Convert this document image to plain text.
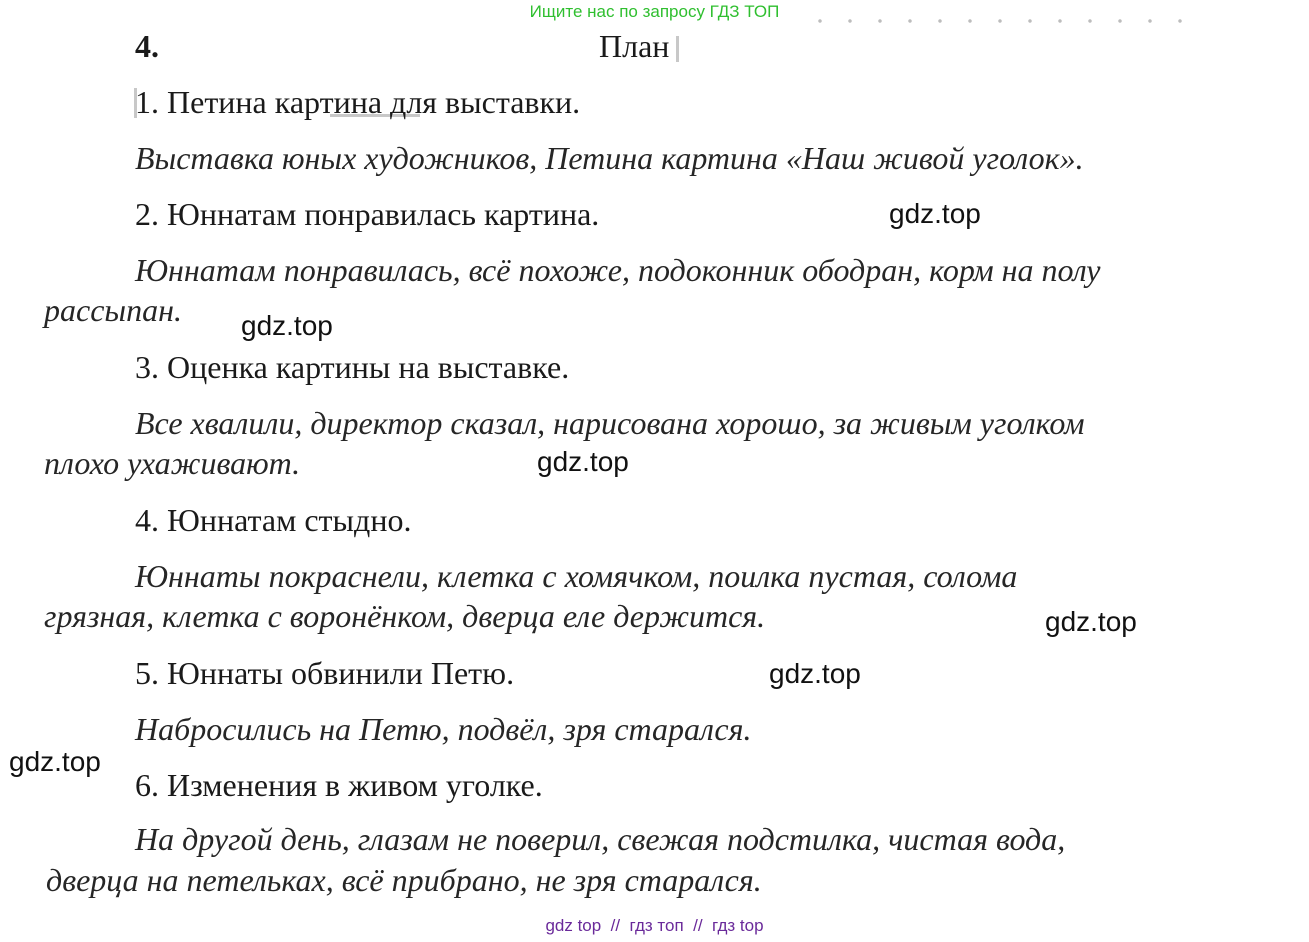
Ищите нас по запросу ГДЗ ТОП
4.	План
1. Петина картина для выставки.
Выставка юных художников, Петина картина «Наш живой уголок».
2. Юннатам понравилась картина.
Юннатам понравилась, всё похоже, подоконник ободран, корм на полу
рассыпан.
3. Оценка картины на выставке.
Все хвалили, директор сказал, нарисована хорошо, за живым уголком
плохо ухаживают.
4. Юннатам стыдно.
Юннаты покраснели, клетка с хомячком, поилка пустая, солома
грязная, клетка с воронёнком, дверца еле держится.
5. Юннаты обвинили Петю.
Набросились на Петю, подвёл, зря старался.
6. Изменения в живом уголке.
На другой день, глазам не поверил, свежая подстилка, чистая вода,
дверца на петельках, всё прибрано, не зря старался.
gdz.top
gdz.top
gdz.top
gdz.top
gdz.top
gdz.top
gdz top  //  гдз топ  //  гдз top
